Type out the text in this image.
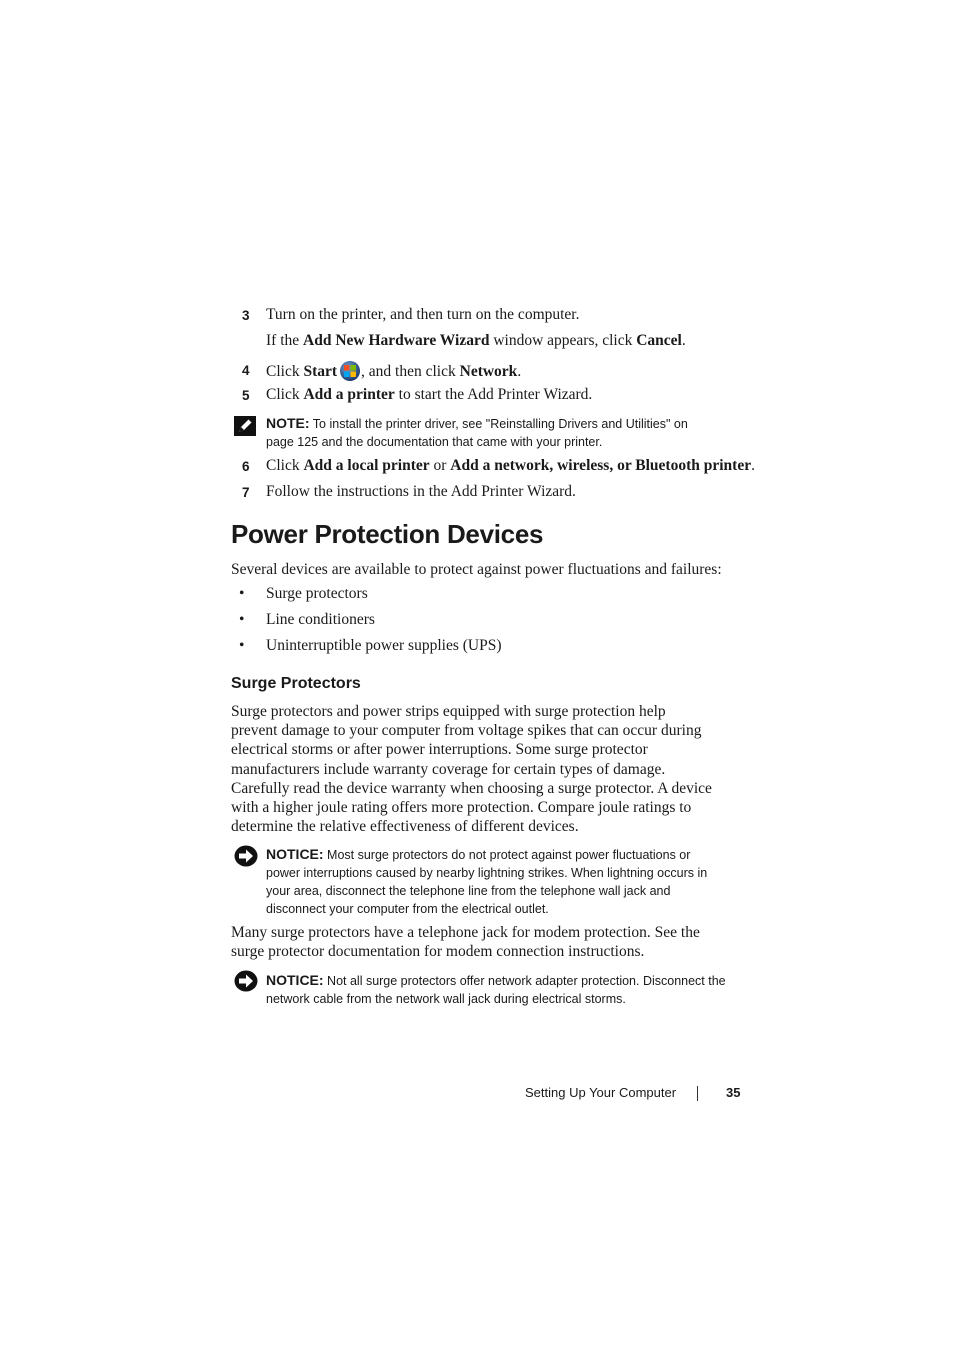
3 Turn on the printer, and then turn on the computer.
If the Add New Hardware Wizard window appears, click Cancel.
4 Click Start , and then click Network.
5 Click Add a printer to start the Add Printer Wizard.
NOTE: To install the printer driver, see "Reinstalling Drivers and Utilities" on
page 125 and the documentation that came with your printer.
6 Click Add a local printer or Add a network, wireless, or Bluetooth printer.
7 Follow the instructions in the Add Printer Wizard.
Power Protection Devices
Several devices are available to protect against power fluctuations and failures:
• Surge protectors
• Line conditioners
• Uninterruptible power supplies (UPS)
Surge Protectors
Surge protectors and power strips equipped with surge protection help
prevent damage to your computer from voltage spikes that can occur during
electrical storms or after power interruptions. Some surge protector
manufacturers include warranty coverage for certain types of damage.
Carefully read the device warranty when choosing a surge protector. A device
with a higher joule rating offers more protection. Compare joule ratings to
determine the relative effectiveness of different devices.
NOTICE: Most surge protectors do not protect against power fluctuations or
power interruptions caused by nearby lightning strikes. When lightning occurs in
your area, disconnect the telephone line from the telephone wall jack and
disconnect your computer from the electrical outlet.
Many surge protectors have a telephone jack for modem protection. See the
surge protector documentation for modem connection instructions.
NOTICE: Not all surge protectors offer network adapter protection. Disconnect the
network cable from the network wall jack during electrical storms.
Setting Up Your Computer	35
